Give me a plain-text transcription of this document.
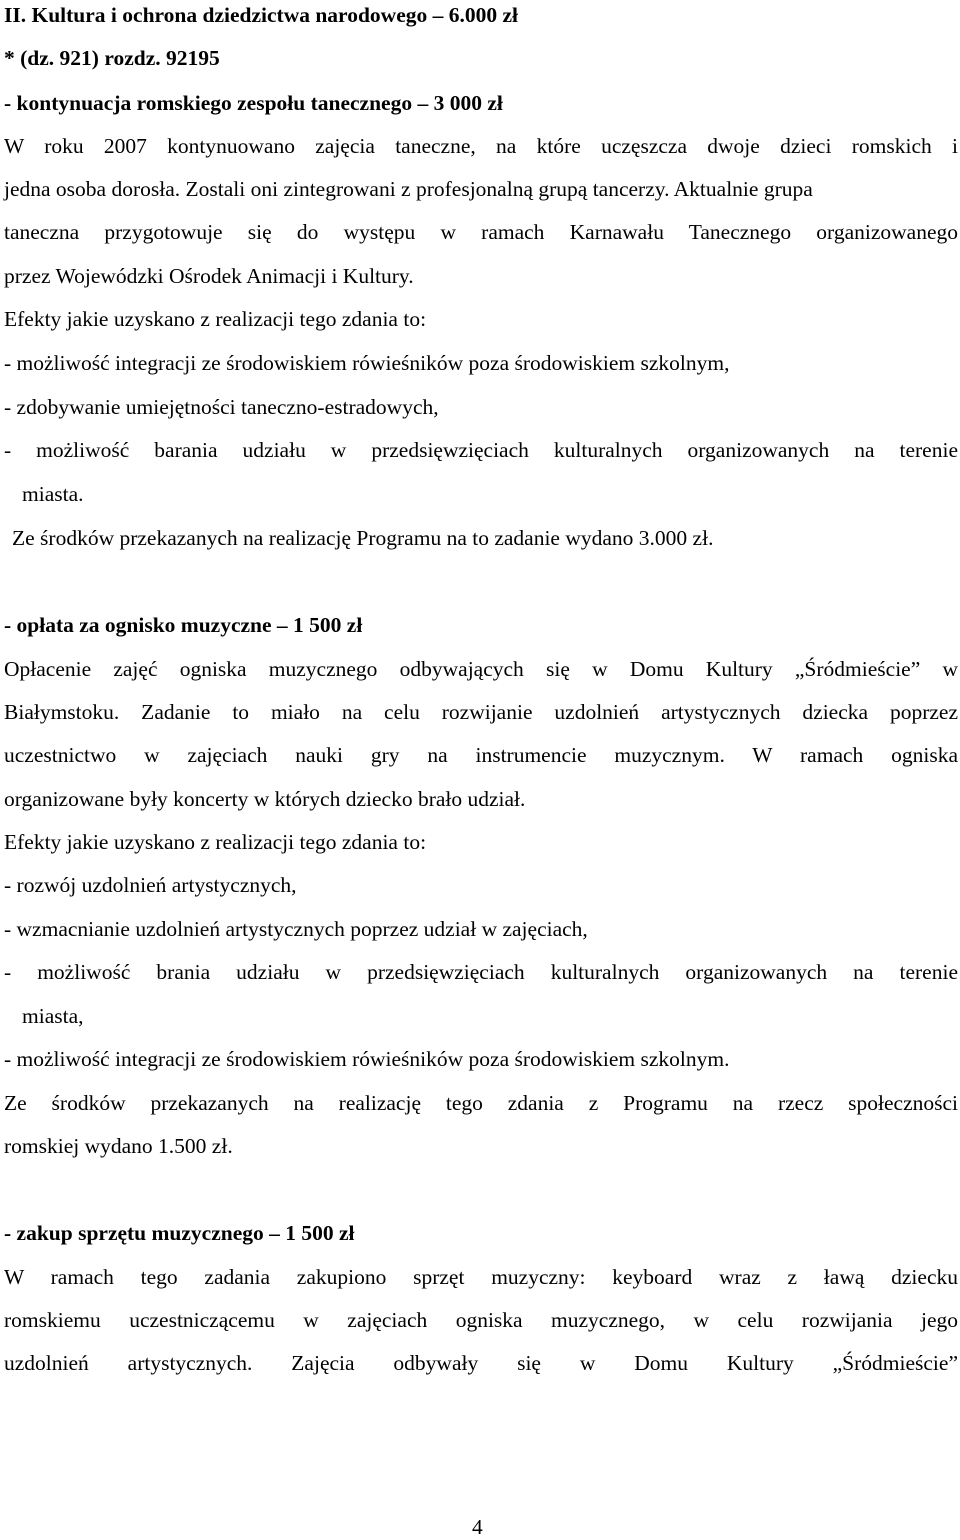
II. Kultura i ochrona dziedzictwa narodowego – 6.000 zł
* (dz. 921) rozdz. 92195
- kontynuacja romskiego zespołu tanecznego – 3 000 zł
W roku 2007 kontynuowano zajęcia taneczne, na które uczęszcza dwoje dzieci romskich i
jedna osoba dorosła. Zostali oni zintegrowani z profesjonalną grupą tancerzy. Aktualnie grupa
taneczna przygotowuje się do występu w ramach Karnawału Tanecznego organizowanego
przez Wojewódzki Ośrodek Animacji i Kultury.
Efekty jakie uzyskano z realizacji tego zdania to:
- możliwość integracji ze środowiskiem rówieśników poza środowiskiem szkolnym,
- zdobywanie umiejętności taneczno-estradowych,
- możliwość barania udziału w przedsięwzięciach kulturalnych organizowanych na terenie
miasta.
Ze środków przekazanych na realizację Programu na to zadanie wydano 3.000 zł.
- opłata za ognisko muzyczne – 1 500 zł
Opłacenie zajęć ogniska muzycznego odbywających się w Domu Kultury „Śródmieście” w
Białymstoku. Zadanie to miało na celu rozwijanie uzdolnień artystycznych dziecka poprzez
uczestnictwo w zajęciach nauki gry na instrumencie muzycznym. W ramach ogniska
organizowane były koncerty w których dziecko brało udział.
Efekty jakie uzyskano z realizacji tego zdania to:
- rozwój uzdolnień artystycznych,
- wzmacnianie uzdolnień artystycznych poprzez udział w zajęciach,
- możliwość brania udziału w przedsięwzięciach kulturalnych organizowanych na terenie
miasta,
- możliwość integracji ze środowiskiem rówieśników poza środowiskiem szkolnym.
Ze środków przekazanych na realizację tego zdania z Programu na rzecz społeczności
romskiej wydano 1.500 zł.
- zakup sprzętu muzycznego – 1 500 zł
W ramach tego zadania zakupiono sprzęt muzyczny: keyboard wraz z ławą dziecku
romskiemu uczestniczącemu w zajęciach ogniska muzycznego, w celu rozwijania jego
uzdolnień artystycznych. Zajęcia odbywały się w Domu Kultury „Śródmieście”
4
